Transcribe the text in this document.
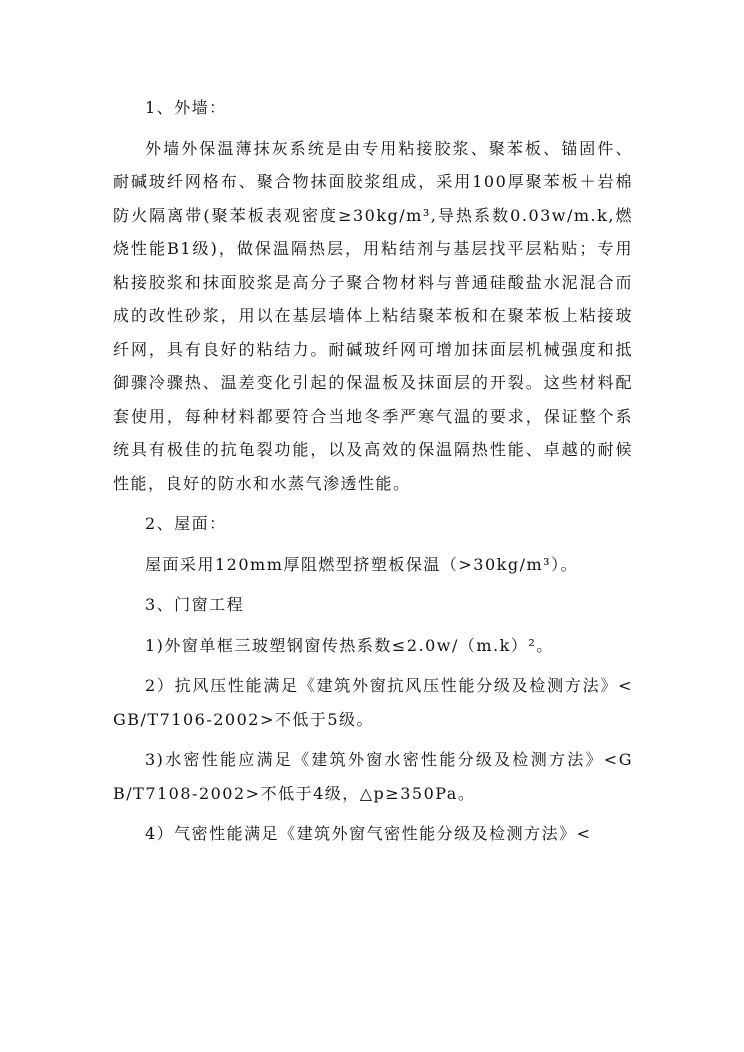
1、外墙：

外墙外保温薄抹灰系统是由专用粘接胶浆、聚苯板、锚固件、耐碱玻纤网格布、聚合物抹面胶浆组成，采用100厚聚苯板＋岩棉防火隔离带(聚苯板表观密度≥30kg/m³,导热系数0.03w/m.k,燃烧性能B1级)，做保温隔热层，用粘结剂与基层找平层粘贴；专用粘接胶浆和抹面胶浆是高分子聚合物材料与普通硅酸盐水泥混合而成的改性砂浆，用以在基层墙体上粘结聚苯板和在聚苯板上粘接玻纤网，具有良好的粘结力。耐碱玻纤网可增加抹面层机械强度和抵御骤冷骤热、温差变化引起的保温板及抹面层的开裂。这些材料配套使用，每种材料都要符合当地冬季严寒气温的要求，保证整个系统具有极佳的抗龟裂功能，以及高效的保温隔热性能、卓越的耐候性能，良好的防水和水蒸气渗透性能。

2、屋面：

屋面采用120mm厚阻燃型挤塑板保温（>30kg/m³）。

3、门窗工程

1)外窗单框三玻塑钢窗传热系数≤2.0w/（m.k）²。

2）抗风压性能满足《建筑外窗抗风压性能分级及检测方法》<GB/T7106-2002>不低于5级。

3)水密性能应满足《建筑外窗水密性能分级及检测方法》<GB/T7108-2002>不低于4级，△p≥350Pa。

4）气密性能满足《建筑外窗气密性能分级及检测方法》<
